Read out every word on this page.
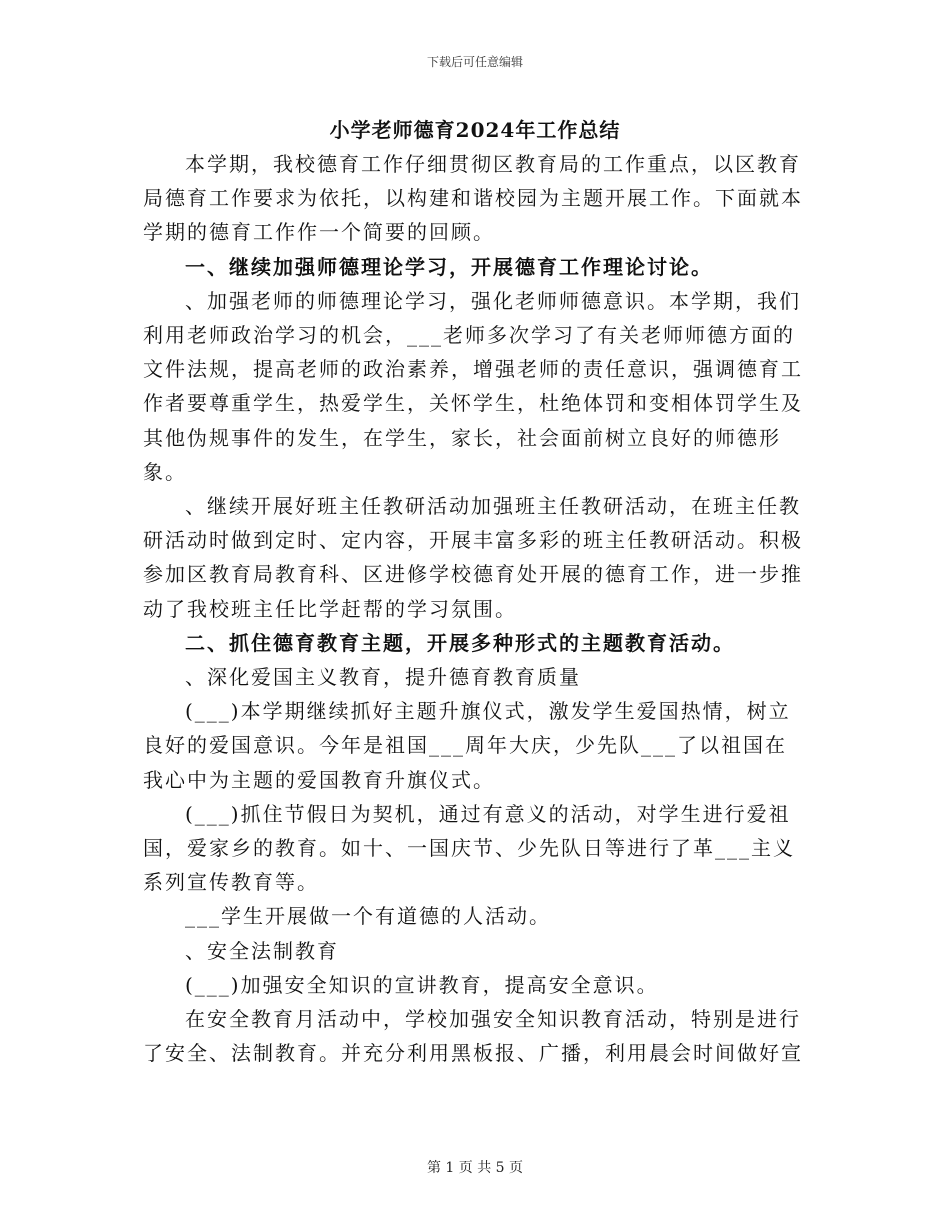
下载后可任意编辑
小学老师德育2024年工作总结

本学期，我校德育工作仔细贯彻区教育局的工作重点，以区教育局德育工作要求为依托，以构建和谐校园为主题开展工作。下面就本学期的德育工作作一个简要的回顾。

一、继续加强师德理论学习，开展德育工作理论讨论。

、加强老师的师德理论学习，强化老师师德意识。本学期，我们利用老师政治学习的机会，___老师多次学习了有关老师师德方面的文件法规，提高老师的政治素养，增强老师的责任意识，强调德育工作者要尊重学生，热爱学生，关怀学生，杜绝体罚和变相体罚学生及其他伪规事件的发生，在学生，家长，社会面前树立良好的师德形象。

、继续开展好班主任教研活动加强班主任教研活动，在班主任教研活动时做到定时、定内容，开展丰富多彩的班主任教研活动。积极参加区教育局教育科、区进修学校德育处开展的德育工作，进一步推动了我校班主任比学赶帮的学习氛围。

二、抓住德育教育主题，开展多种形式的主题教育活动。

、深化爱国主义教育，提升德育教育质量

(___)本学期继续抓好主题升旗仪式，激发学生爱国热情，树立良好的爱国意识。今年是祖国___周年大庆，少先队___了以祖国在我心中为主题的爱国教育升旗仪式。

(___)抓住节假日为契机，通过有意义的活动，对学生进行爱祖国，爱家乡的教育。如十、一国庆节、少先队日等进行了革___主义系列宣传教育等。

___学生开展做一个有道德的人活动。

、安全法制教育

(___)加强安全知识的宣讲教育，提高安全意识。

在安全教育月活动中，学校加强安全知识教育活动，特别是进行了安全、法制教育。并充分利用黑板报、广播，利用晨会时间做好宣

第 1 页 共 5 页
